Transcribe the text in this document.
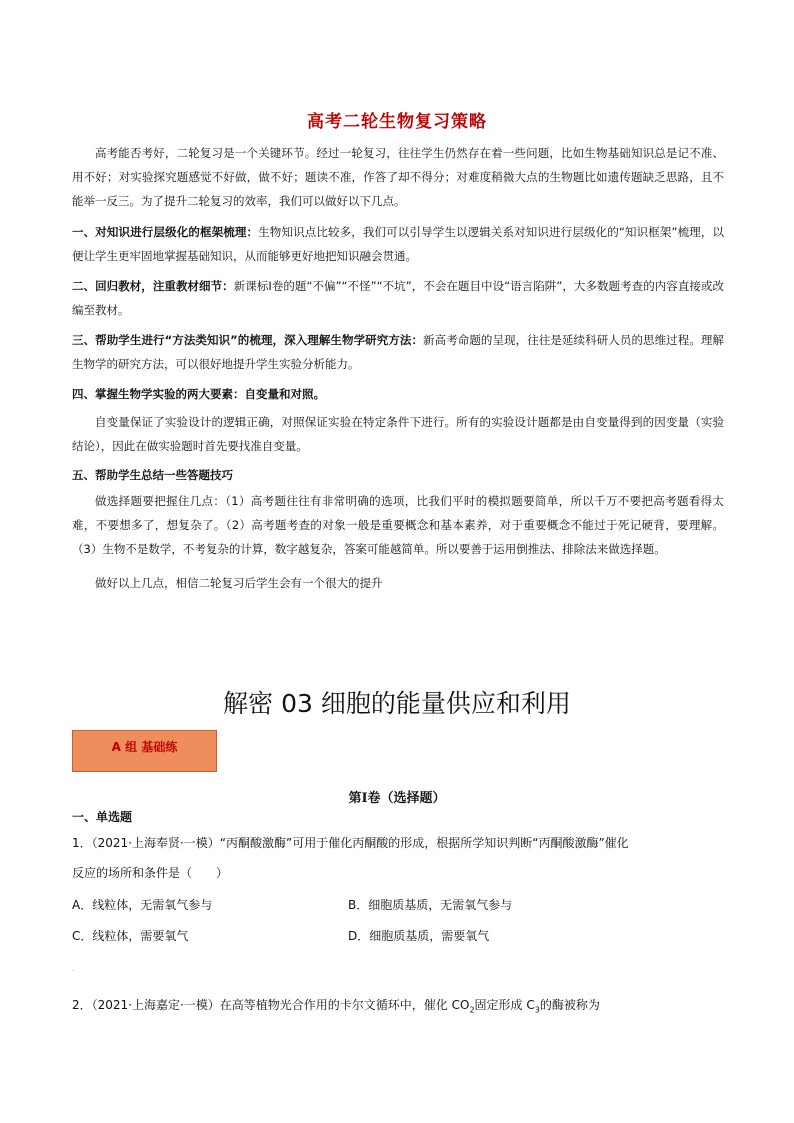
高考二轮生物复习策略
高考能否考好，二轮复习是一个关键环节。经过一轮复习，往往学生仍然存在着一些问题，比如生物基础知识总是记不准、用不好；对实验探究题感觉不好做，做不好；题读不准，作答了却不得分；对难度稍微大点的生物题比如遗传题缺乏思路，且不能举一反三。为了提升二轮复习的效率，我们可以做好以下几点。
一、对知识进行层级化的框架梳理：生物知识点比较多，我们可以引导学生以逻辑关系对知识进行层级化的“知识框架”梳理，以便让学生更牢固地掌握基础知识，从而能够更好地把知识融会贯通。
二、回归教材，注重教材细节：新课标Ⅰ卷的题“不偏”“不怪”“不坑”，不会在题目中设“语言陷阱”，大多数题考查的内容直接或改编至教材。
三、帮助学生进行“方法类知识”的梳理，深入理解生物学研究方法：新高考命题的呈现，往往是延续科研人员的思维过程。理解生物学的研究方法，可以很好地提升学生实验分析能力。
四、掌握生物学实验的两大要素：自变量和对照。
自变量保证了实验设计的逻辑正确，对照保证实验在特定条件下进行。所有的实验设计题都是由自变量得到的因变量（实验结论），因此在做实验题时首先要找准自变量。
五、帮助学生总结一些答题技巧
做选择题要把握住几点：（1）高考题往往有非常明确的选项，比我们平时的模拟题要简单，所以千万不要把高考题看得太难，不要想多了，想复杂了。（2）高考题考查的对象一般是重要概念和基本素养，对于重要概念不能过于死记硬背，要理解。（3）生物不是数学，不考复杂的计算，数字越复杂，答案可能越简单。所以要善于运用倒推法、排除法来做选择题。
做好以上几点，相信二轮复习后学生会有一个很大的提升
解密 03 细胞的能量供应和利用
A 组 基础练
第Ⅰ卷（选择题）
一、单选题
1．（2021·上海奉贤·一模）“丙酮酸激酶”可用于催化丙酮酸的形成，根据所学知识判断“丙酮酸激酶”催化
反应的场所和条件是（　　）
A．线粒体，无需氧气参与	B．细胞质基质，无需氧气参与
C．线粒体，需要氧气	D．细胞质基质，需要氧气
·
2．（2021·上海嘉定·一模）在高等植物光合作用的卡尔文循环中，催化 $CO_2$固定形成 $C_3$的酶被称为
